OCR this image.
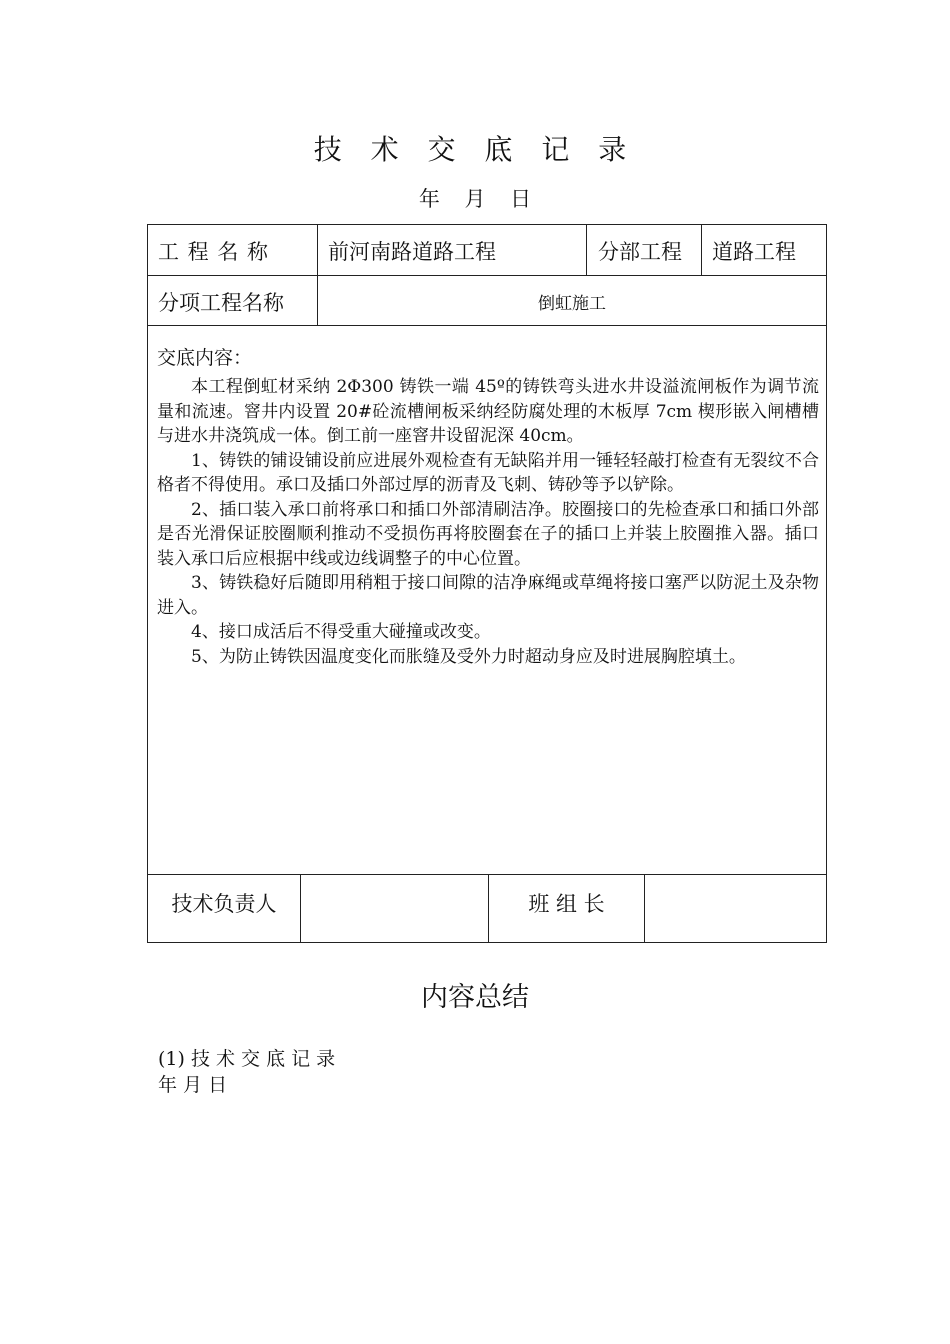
技 术 交 底 记 录
年 月 日
工 程 名 称	前河南路道路工程	分部工程 道路工程
分项工程名称	倒虹施工
交底内容：

本工程倒虹材采纳 2Φ300 铸铁一端 45º的铸铁弯头进水井设溢流闸板作为调节流量和流速。窨井内设置 20#砼流槽闸板采纳经防腐处理的木板厚 7cm 楔形嵌入闸槽槽与进水井浇筑成一体。倒工前一座窨井设留泥深 40cm。

1、铸铁的铺设铺设前应进展外观检查有无缺陷并用一锤轻轻敲打检查有无裂纹不合格者不得使用。承口及插口外部过厚的沥青及飞刺、铸砂等予以铲除。

2、插口装入承口前将承口和插口外部清刷洁净。胶圈接口的先检查承口和插口外部是否光滑保证胶圈顺利推动不受损伤再将胶圈套在子的插口上并装上胶圈推入器。插口装入承口后应根据中线或边线调整子的中心位置。

3、铸铁稳好后随即用稍粗于接口间隙的洁净麻绳或草绳将接口塞严以防泥土及杂物进入。

4、接口成活后不得受重大碰撞或改变。

5、为防止铸铁因温度变化而胀缝及受外力时超动身应及时进展胸腔填土。

技术负责人	班 组 长
内容总结
(1) 技 术 交 底 记 录
年 月 日
